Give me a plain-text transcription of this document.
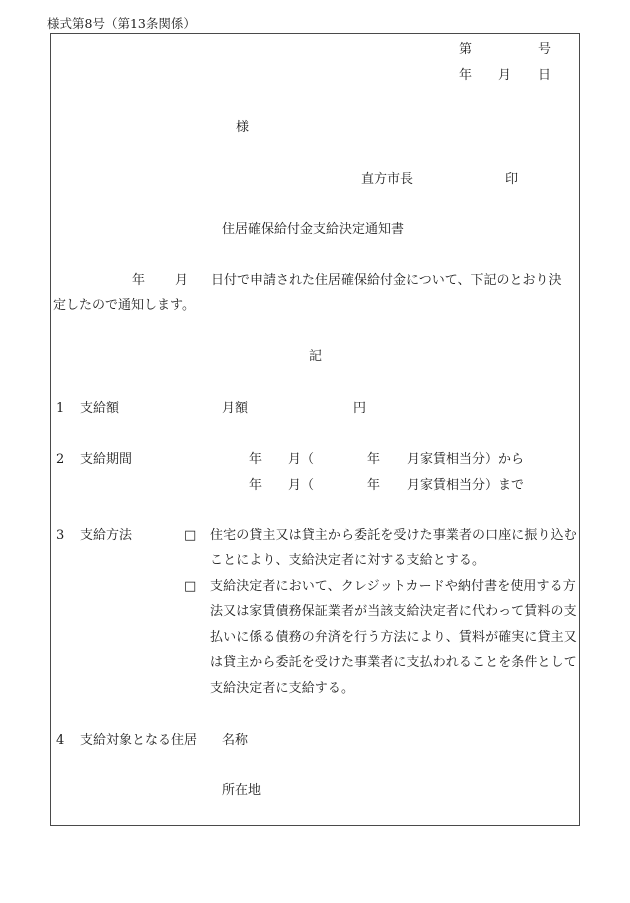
様式第8号（第13条関係）
第	号
年 月 日
様
直方市長	印
住居確保給付金支給決定通知書
年 月 日付で申請された住居確保給付金について、下記のとおり決
定したので通知します。
記
1 支給額	月額	円
2 支給期間	年 月（	年 月家賃相当分）から
年 月（	年 月家賃相当分）まで
3 支給方法	□ 住宅の貸主又は貸主から委託を受けた事業者の口座に振り込む
ことにより、支給決定者に対する支給とする。
□ 支給決定者において、クレジットカードや納付書を使用する方
法又は家賃債務保証業者が当該支給決定者に代わって賃料の支
払いに係る債務の弁済を行う方法により、賃料が確実に貸主又
は貸主から委託を受けた事業者に支払われることを条件として
支給決定者に支給する。
4 支給対象となる住居 名称
所在地
